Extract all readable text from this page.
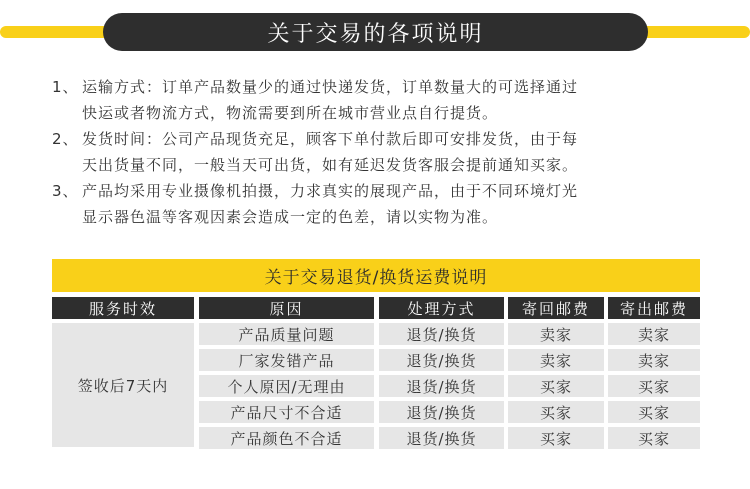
关于交易的各项说明
1、 运输方式：订单产品数量少的通过快递发货，订单数量大的可选择通过
快运或者物流方式，物流需要到所在城市营业点自行提货。
2、 发货时间：公司产品现货充足，顾客下单付款后即可安排发货，由于每
天出货量不同，一般当天可出货，如有延迟发货客服会提前通知买家。
3、 产品均采用专业摄像机拍摄，力求真实的展现产品，由于不同环境灯光
显示器色温等客观因素会造成一定的色差，请以实物为准。
关于交易退货/换货运费说明
服务时效	原因	处理方式	寄回邮费	寄出邮费
签收后7天内
产品质量问题	退货/换货	卖家	卖家
厂家发错产品	退货/换货	卖家	卖家
个人原因/无理由	退货/换货	买家	买家
产品尺寸不合适	退货/换货	买家	买家
产品颜色不合适	退货/换货	买家	买家
